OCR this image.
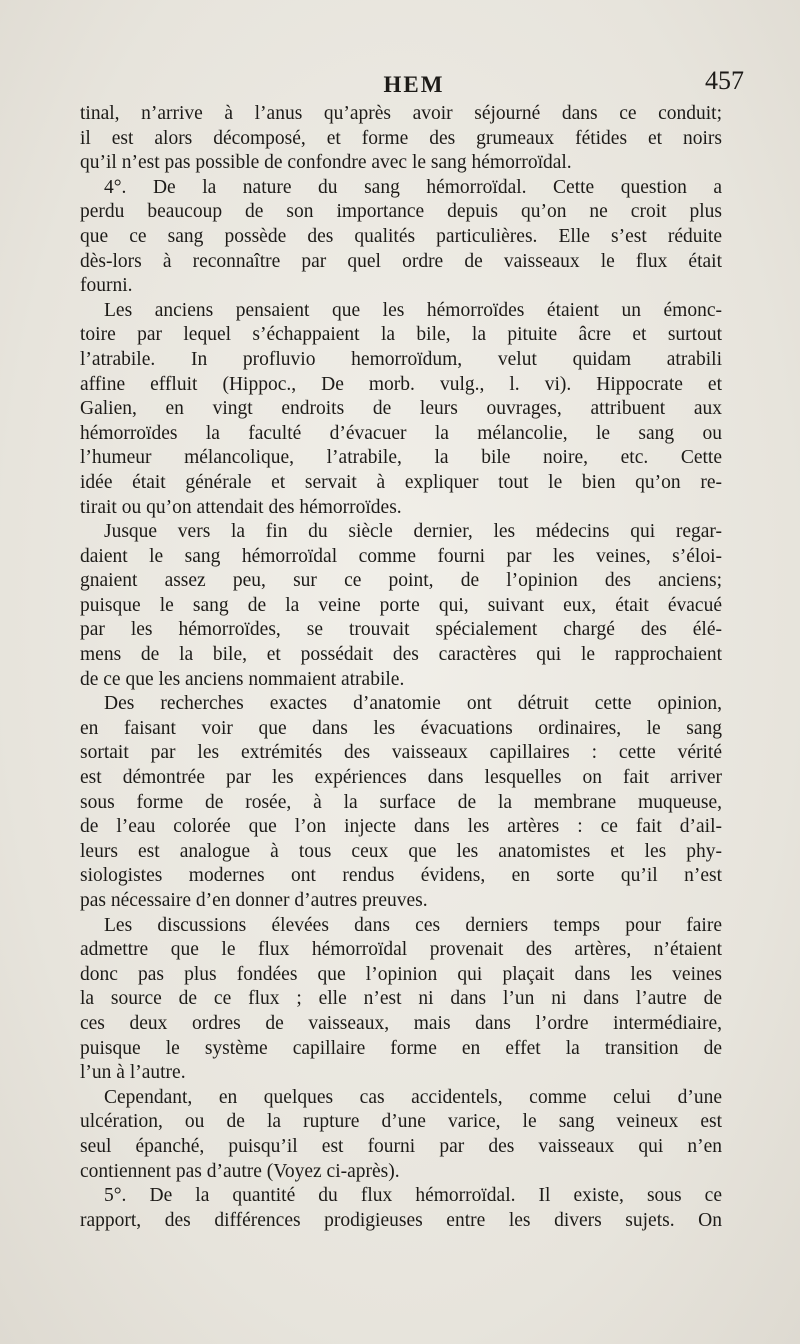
HEM	457
tinal, n’arrive à l’anus qu’après avoir séjourné dans ce conduit;
il est alors décomposé, et forme des grumeaux fétides et noirs
qu’il n’est pas possible de confondre avec le sang hémorroïdal.
4°. De la nature du sang hémorroïdal. Cette question a
perdu beaucoup de son importance depuis qu’on ne croit plus
que ce sang possède des qualités particulières. Elle s’est réduite
dès-lors à reconnaître par quel ordre de vaisseaux le flux était
fourni.
Les anciens pensaient que les hémorroïdes étaient un émonc-
toire par lequel s’échappaient la bile, la pituite âcre et surtout
l’atrabile. In profluvio hemorroïdum, velut quidam atrabili
affine effluit (Hippoc., De morb. vulg., l. vi). Hippocrate et
Galien, en vingt endroits de leurs ouvrages, attribuent aux
hémorroïdes la faculté d’évacuer la mélancolie, le sang ou
l’humeur mélancolique, l’atrabile, la bile noire, etc. Cette
idée était générale et servait à expliquer tout le bien qu’on re-
tirait ou qu’on attendait des hémorroïdes.
Jusque vers la fin du siècle dernier, les médecins qui regar-
daient le sang hémorroïdal comme fourni par les veines, s’éloi-
gnaient assez peu, sur ce point, de l’opinion des anciens;
puisque le sang de la veine porte qui, suivant eux, était évacué
par les hémorroïdes, se trouvait spécialement chargé des élé-
mens de la bile, et possédait des caractères qui le rapprochaient
de ce que les anciens nommaient atrabile.
Des recherches exactes d’anatomie ont détruit cette opinion,
en faisant voir que dans les évacuations ordinaires, le sang
sortait par les extrémités des vaisseaux capillaires : cette vérité
est démontrée par les expériences dans lesquelles on fait arriver
sous forme de rosée, à la surface de la membrane muqueuse,
de l’eau colorée que l’on injecte dans les artères : ce fait d’ail-
leurs est analogue à tous ceux que les anatomistes et les phy-
siologistes modernes ont rendus évidens, en sorte qu’il n’est
pas nécessaire d’en donner d’autres preuves.
Les discussions élevées dans ces derniers temps pour faire
admettre que le flux hémorroïdal provenait des artères, n’étaient
donc pas plus fondées que l’opinion qui plaçait dans les veines
la source de ce flux ; elle n’est ni dans l’un ni dans l’autre de
ces deux ordres de vaisseaux, mais dans l’ordre intermédiaire,
puisque le système capillaire forme en effet la transition de
l’un à l’autre.
Cependant, en quelques cas accidentels, comme celui d’une
ulcération, ou de la rupture d’une varice, le sang veineux est
seul épanché, puisqu’il est fourni par des vaisseaux qui n’en
contiennent pas d’autre (Voyez ci-après).
5°. De la quantité du flux hémorroïdal. Il existe, sous ce
rapport, des différences prodigieuses entre les divers sujets. On
